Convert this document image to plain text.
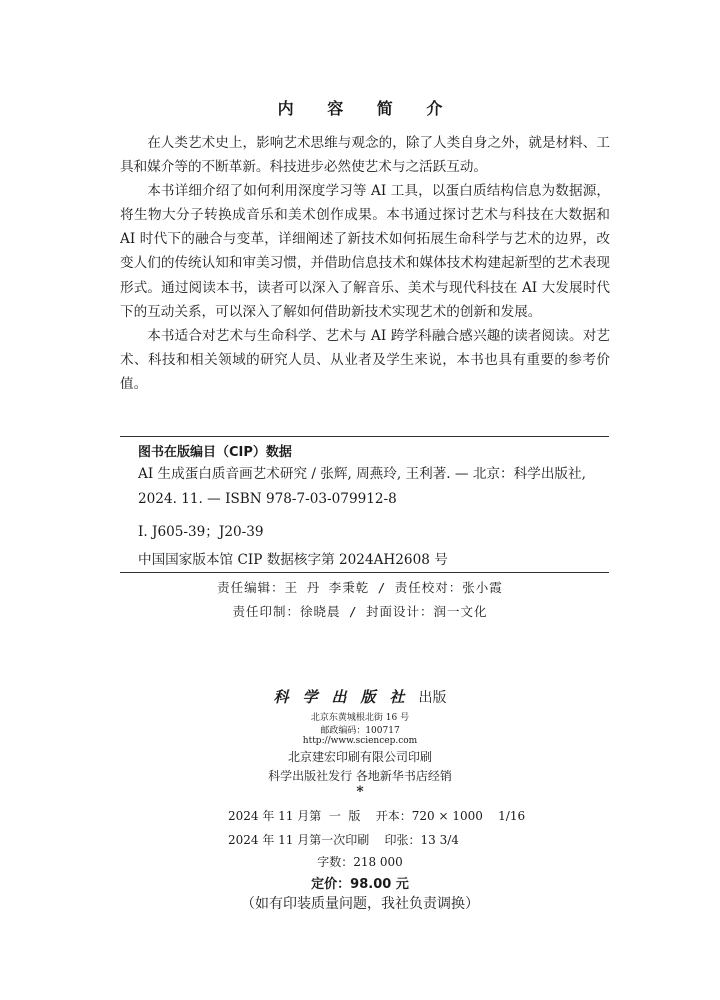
内 容 简 介

在人类艺术史上，影响艺术思维与观念的，除了人类自身之外，就是材料、工具和媒介等的不断革新。科技进步必然使艺术与之活跃互动。

本书详细介绍了如何利用深度学习等 AI 工具，以蛋白质结构信息为数据源，将生物大分子转换成音乐和美术创作成果。本书通过探讨艺术与科技在大数据和 AI 时代下的融合与变革，详细阐述了新技术如何拓展生命科学与艺术的边界，改变人们的传统认知和审美习惯，并借助信息技术和媒体技术构建起新型的艺术表现形式。通过阅读本书，读者可以深入了解音乐、美术与现代科技在 AI 大发展时代下的互动关系，可以深入了解如何借助新技术实现艺术的创新和发展。

本书适合对艺术与生命科学、艺术与 AI 跨学科融合感兴趣的读者阅读。对艺术、科技和相关领域的研究人员、从业者及学生来说，本书也具有重要的参考价值。

图书在版编目（CIP）数据
AI 生成蛋白质音画艺术研究 / 张辉, 周燕玲, 王利著. — 北京：科学出版社, 2024. 11. — ISBN 978-7-03-079912-8
Ⅰ. J605-39；J20-39
中国国家版本馆 CIP 数据核字第 2024AH2608 号
责任编辑：王 丹 李秉乾 / 责任校对：张小霞
责任印制：徐晓晨 / 封面设计：润一文化
科学出版社出版
北京东黄城根北街 16 号
邮政编码：100717
http://www.sciencep.com
北京建宏印刷有限公司印刷
科学出版社发行 各地新华书店经销
*
2024 年 11 月第  一  版    开本：720 × 1000    1/16
2024 年 11 月第一次印刷    印张：13 3/4
字数：218 000
定价：98.00 元
（如有印装质量问题，我社负责调换）
